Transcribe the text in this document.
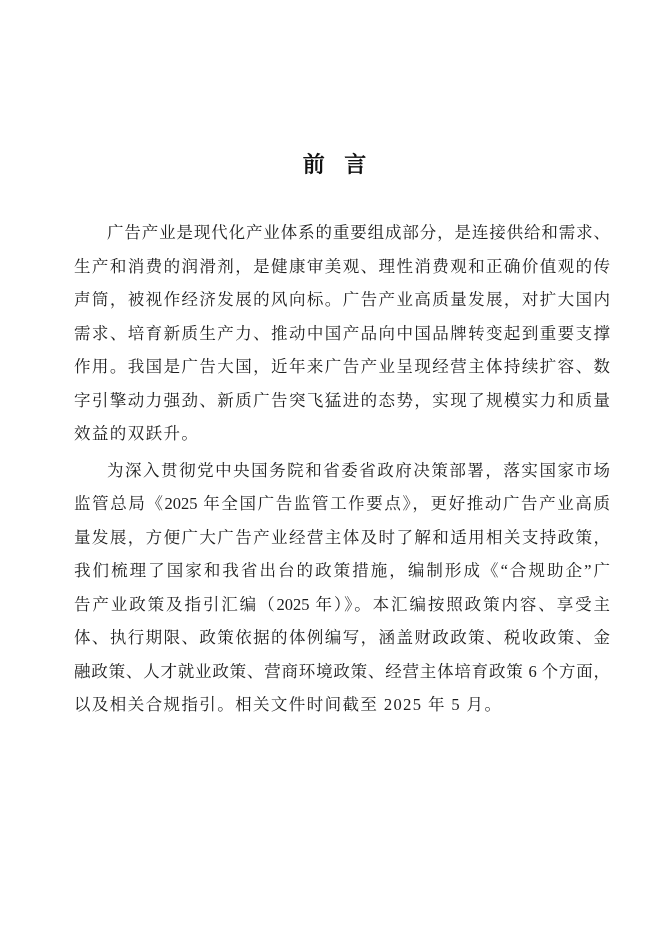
前 言
广告产业是现代化产业体系的重要组成部分，是连接供给和需求、
生产和消费的润滑剂，是健康审美观、理性消费观和正确价值观的传
声筒，被视作经济发展的风向标。广告产业高质量发展，对扩大国内
需求、培育新质生产力、推动中国产品向中国品牌转变起到重要支撑
作用。我国是广告大国，近年来广告产业呈现经营主体持续扩容、数
字引擎动力强劲、新质广告突飞猛进的态势，实现了规模实力和质量
效益的双跃升。
为深入贯彻党中央国务院和省委省政府决策部署，落实国家市场
监管总局《2025 年全国广告监管工作要点》，更好推动广告产业高质
量发展，方便广大广告产业经营主体及时了解和适用相关支持政策，
我们梳理了国家和我省出台的政策措施，编制形成《“合规助企”广
告产业政策及指引汇编（2025 年）》。本汇编按照政策内容、享受主
体、执行期限、政策依据的体例编写，涵盖财政政策、税收政策、金
融政策、人才就业政策、营商环境政策、经营主体培育政策 6 个方面，
以及相关合规指引。相关文件时间截至 2025 年 5 月。
